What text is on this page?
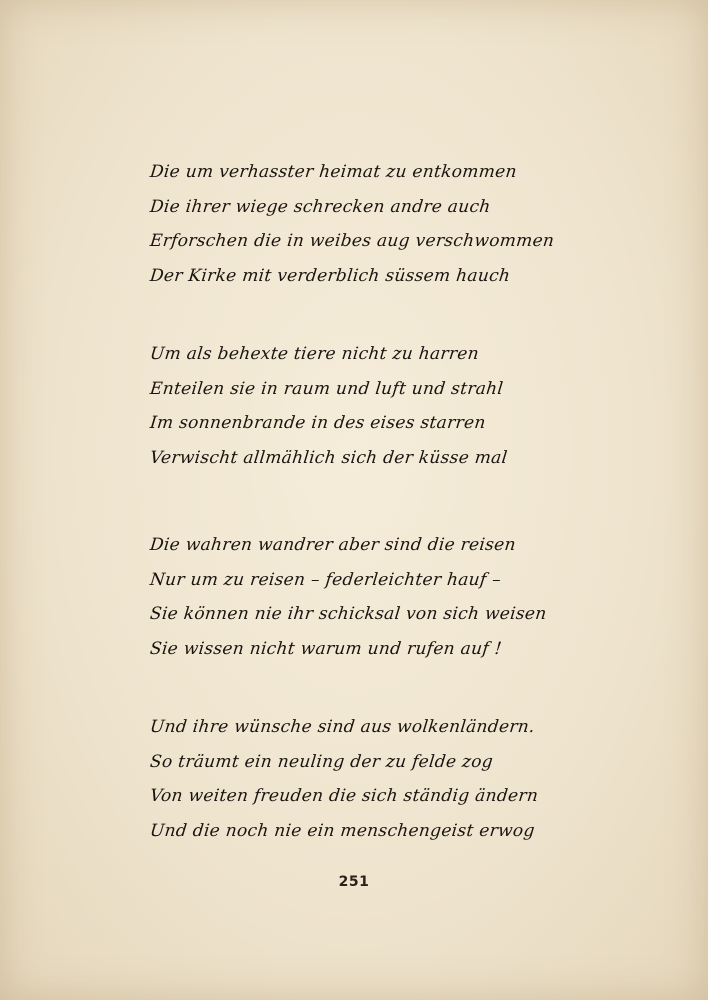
Die um verhasster heimat zu entkommen
Die ihrer wiege schrecken andre auch
Erforschen die in weibes aug verschwommen
Der Kirke mit verderblich süssem hauch
Um als behexte tiere nicht zu harren
Enteilen sie in raum und luft und strahl
Im sonnenbrande in des eises starren
Verwischt allmählich sich der küsse mal
Die wahren wandrer aber sind die reisen
Nur um zu reisen – federleichter hauf –
Sie können nie ihr schicksal von sich weisen
Sie wissen nicht warum und rufen auf !
Und ihre wünsche sind aus wolkenländern.
So träumt ein neuling der zu felde zog
Von weiten freuden die sich ständig ändern
Und die noch nie ein menschengeist erwog
251
